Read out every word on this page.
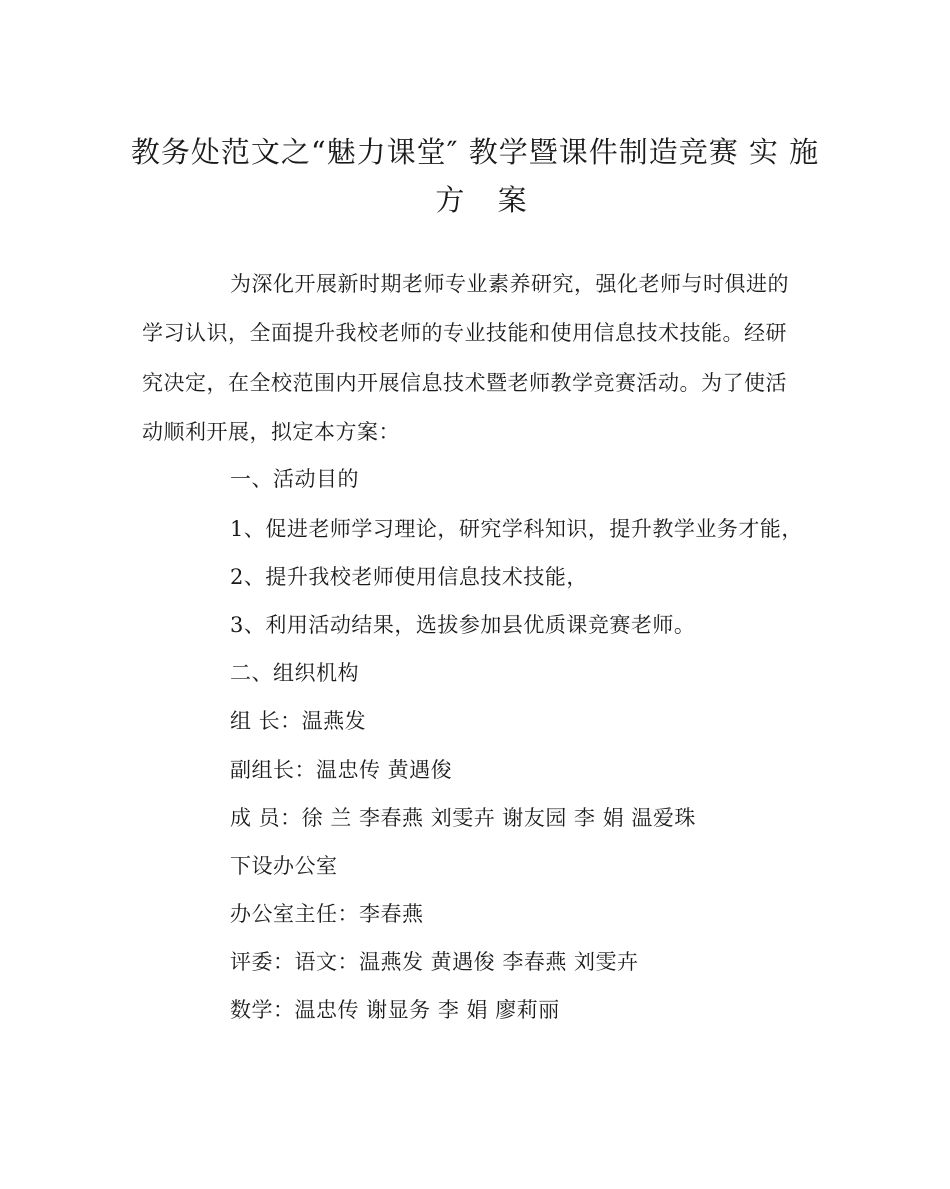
教务处范文之“魅力课堂″ 教学暨课件制造竞赛 实 施
方 案
为深化开展新时期老师专业素养研究，强化老师与时俱进的
学习认识，全面提升我校老师的专业技能和使用信息技术技能。经研
究决定，在全校范围内开展信息技术暨老师教学竞赛活动。为了使活
动顺利开展，拟定本方案：
一、活动目的
1、促进老师学习理论，研究学科知识，提升教学业务才能，
2、提升我校老师使用信息技术技能，
3、利用活动结果，选拔参加县优质课竞赛老师。
二、组织机构
组 长：温燕发
副组长：温忠传 黄遇俊
成 员：徐 兰 李春燕 刘雯卉 谢友园 李 娟 温爱珠
下设办公室
办公室主任：李春燕
评委：语文：温燕发 黄遇俊 李春燕 刘雯卉
数学：温忠传 谢显务 李 娟 廖莉丽
